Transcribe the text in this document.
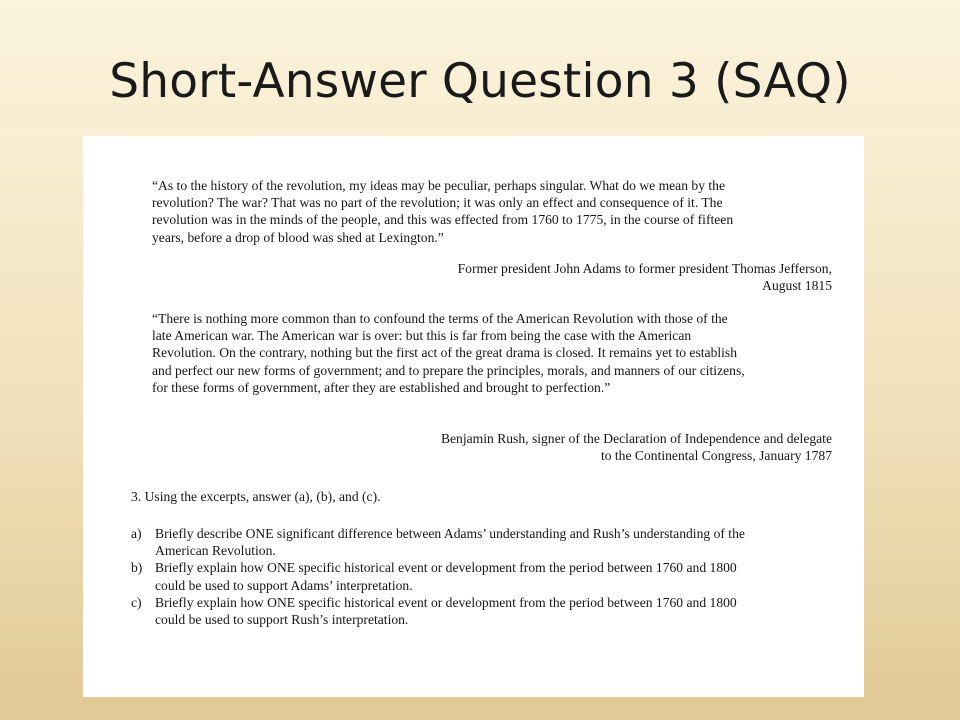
Short-Answer Question 3 (SAQ)
“As to the history of the revolution, my ideas may be peculiar, perhaps singular. What do we mean by the
revolution? The war? That was no part of the revolution; it was only an effect and consequence of it. The
revolution was in the minds of the people, and this was effected from 1760 to 1775, in the course of fifteen
years, before a drop of blood was shed at Lexington.”
Former president John Adams to former president Thomas Jefferson,
August 1815
“There is nothing more common than to confound the terms of the American Revolution with those of the
late American war. The American war is over: but this is far from being the case with the American
Revolution. On the contrary, nothing but the first act of the great drama is closed. It remains yet to establish
and perfect our new forms of government; and to prepare the principles, morals, and manners of our citizens,
for these forms of government, after they are established and brought to perfection.”
Benjamin Rush, signer of the Declaration of Independence and delegate
to the Continental Congress, January 1787
3. Using the excerpts, answer (a), (b), and (c).
a) Briefly describe ONE significant difference between Adams’ understanding and Rush’s understanding of the
American Revolution.
b) Briefly explain how ONE specific historical event or development from the period between 1760 and 1800
could be used to support Adams’ interpretation.
c) Briefly explain how ONE specific historical event or development from the period between 1760 and 1800
could be used to support Rush’s interpretation.
